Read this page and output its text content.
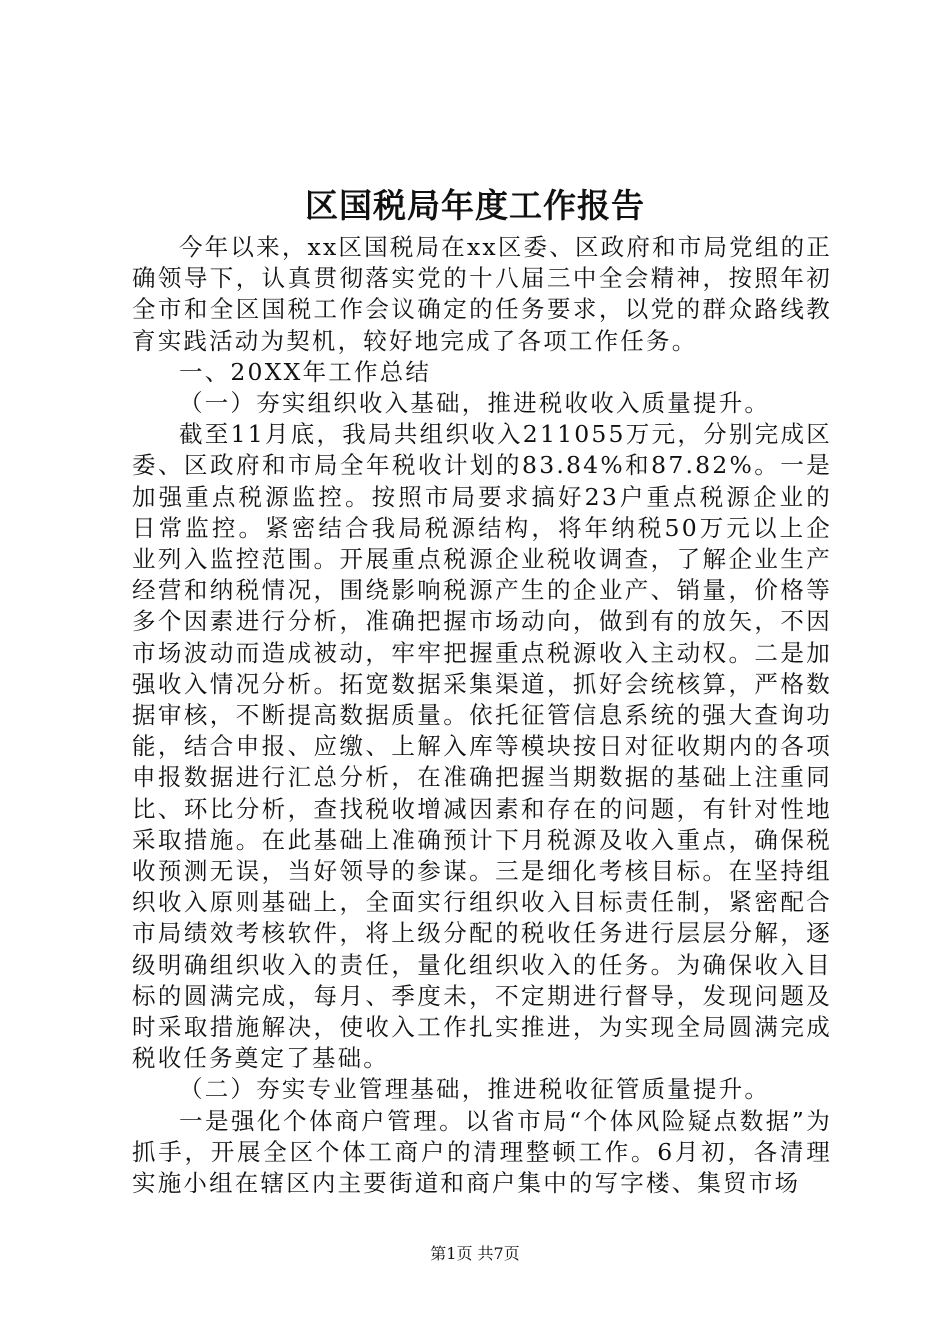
区国税局年度工作报告

今年以来，xx区国税局在xx区委、区政府和市局党组的正确领导下，认真贯彻落实党的十八届三中全会精神，按照年初全市和全区国税工作会议确定的任务要求，以党的群众路线教育实践活动为契机，较好地完成了各项工作任务。

一、20XX年工作总结

（一）夯实组织收入基础，推进税收收入质量提升。

截至11月底，我局共组织收入211055万元，分别完成区委、区政府和市局全年税收计划的83.84%和87.82%。一是加强重点税源监控。按照市局要求搞好23户重点税源企业的日常监控。紧密结合我局税源结构，将年纳税50万元以上企业列入监控范围。开展重点税源企业税收调查，了解企业生产经营和纳税情况，围绕影响税源产生的企业产、销量，价格等多个因素进行分析，准确把握市场动向，做到有的放矢，不因市场波动而造成被动，牢牢把握重点税源收入主动权。二是加强收入情况分析。拓宽数据采集渠道，抓好会统核算，严格数据审核，不断提高数据质量。依托征管信息系统的强大查询功能，结合申报、应缴、上解入库等模块按日对征收期内的各项申报数据进行汇总分析，在准确把握当期数据的基础上注重同比、环比分析，查找税收增减因素和存在的问题，有针对性地采取措施。在此基础上准确预计下月税源及收入重点，确保税收预测无误，当好领导的参谋。三是细化考核目标。在坚持组织收入原则基础上，全面实行组织收入目标责任制，紧密配合市局绩效考核软件，将上级分配的税收任务进行层层分解，逐级明确组织收入的责任，量化组织收入的任务。为确保收入目标的圆满完成，每月、季度未，不定期进行督导，发现问题及时采取措施解决，使收入工作扎实推进，为实现全局圆满完成税收任务奠定了基础。

（二）夯实专业管理基础，推进税收征管质量提升。

一是强化个体商户管理。以省市局“个体风险疑点数据”为抓手，开展全区个体工商户的清理整顿工作。6月初，各清理实施小组在辖区内主要街道和商户集中的写字楼、集贸市场

第1页 共7页
